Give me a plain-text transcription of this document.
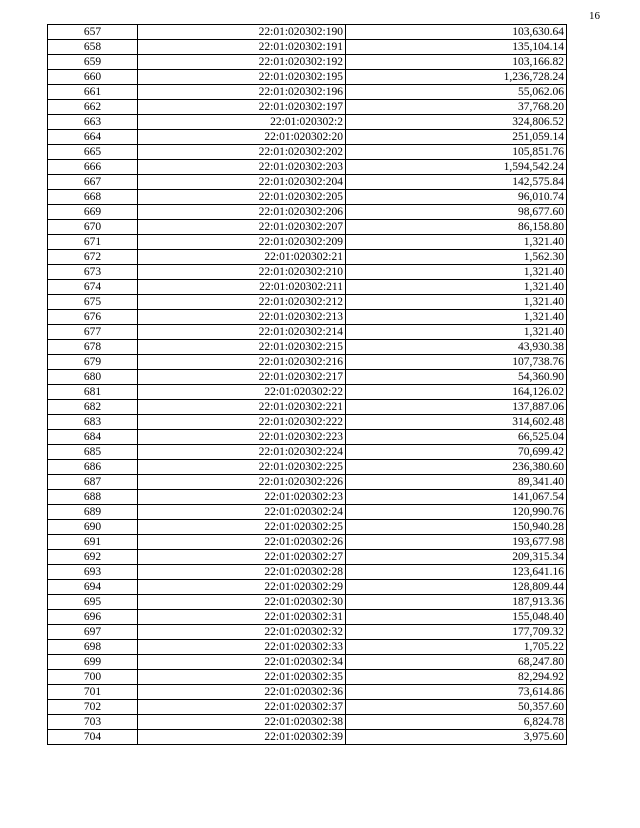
16
657	22:01:020302:190	103,630.64
658	22:01:020302:191	135,104.14
659	22:01:020302:192	103,166.82
660	22:01:020302:195	1,236,728.24
661	22:01:020302:196	55,062.06
662	22:01:020302:197	37,768.20
663	22:01:020302:2	324,806.52
664	22:01:020302:20	251,059.14
665	22:01:020302:202	105,851.76
666	22:01:020302:203	1,594,542.24
667	22:01:020302:204	142,575.84
668	22:01:020302:205	96,010.74
669	22:01:020302:206	98,677.60
670	22:01:020302:207	86,158.80
671	22:01:020302:209	1,321.40
672	22:01:020302:21	1,562.30
673	22:01:020302:210	1,321.40
674	22:01:020302:211	1,321.40
675	22:01:020302:212	1,321.40
676	22:01:020302:213	1,321.40
677	22:01:020302:214	1,321.40
678	22:01:020302:215	43,930.38
679	22:01:020302:216	107,738.76
680	22:01:020302:217	54,360.90
681	22:01:020302:22	164,126.02
682	22:01:020302:221	137,887.06
683	22:01:020302:222	314,602.48
684	22:01:020302:223	66,525.04
685	22:01:020302:224	70,699.42
686	22:01:020302:225	236,380.60
687	22:01:020302:226	89,341.40
688	22:01:020302:23	141,067.54
689	22:01:020302:24	120,990.76
690	22:01:020302:25	150,940.28
691	22:01:020302:26	193,677.98
692	22:01:020302:27	209,315.34
693	22:01:020302:28	123,641.16
694	22:01:020302:29	128,809.44
695	22:01:020302:30	187,913.36
696	22:01:020302:31	155,048.40
697	22:01:020302:32	177,709.32
698	22:01:020302:33	1,705.22
699	22:01:020302:34	68,247.80
700	22:01:020302:35	82,294.92
701	22:01:020302:36	73,614.86
702	22:01:020302:37	50,357.60
703	22:01:020302:38	6,824.78
704	22:01:020302:39	3,975.60
